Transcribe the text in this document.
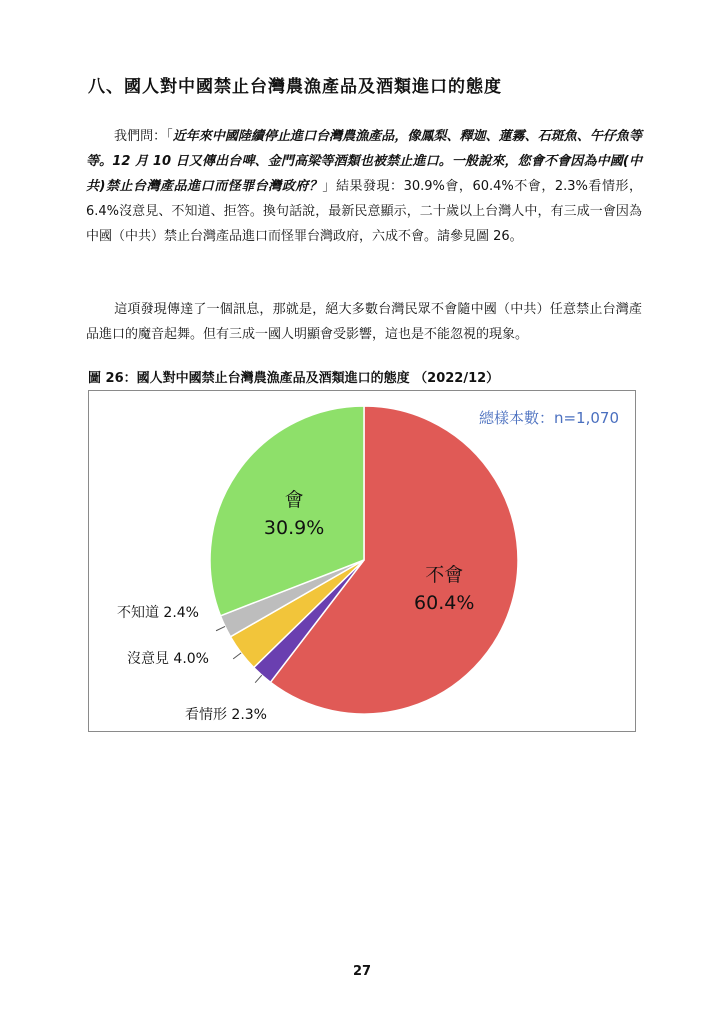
八、國人對中國禁止台灣農漁產品及酒類進口的態度

我們問：「近年來中國陸續停止進口台灣農漁產品，像鳳梨、釋迦、蓮霧、石斑魚、午仔魚等等。12 月 10 日又傳出台啤、金門高梁等酒類也被禁止進口。一般說來，您會不會因為中國(中共)禁止台灣產品進口而怪罪台灣政府？」結果發現：30.9%會，60.4%不會，2.3%看情形，6.4%沒意見、不知道、拒答。換句話說，最新民意顯示，二十歲以上台灣人中，有三成一會因為中國（中共）禁止台灣產品進口而怪罪台灣政府，六成不會。請參見圖 26。

這項發現傳達了一個訊息，那就是，絕大多數台灣民眾不會隨中國（中共）任意禁止台灣產品進口的魔音起舞。但有三成一國人明顯會受影響，這也是不能忽視的現象。

圖 26：國人對中國禁止台灣農漁產品及酒類進口的態度 （2022/12）

不會
60.4%
會
30.9%
不知道 2.4%
沒意見 4.0%
看情形 2.3%
總樣本數：n=1,070
27
